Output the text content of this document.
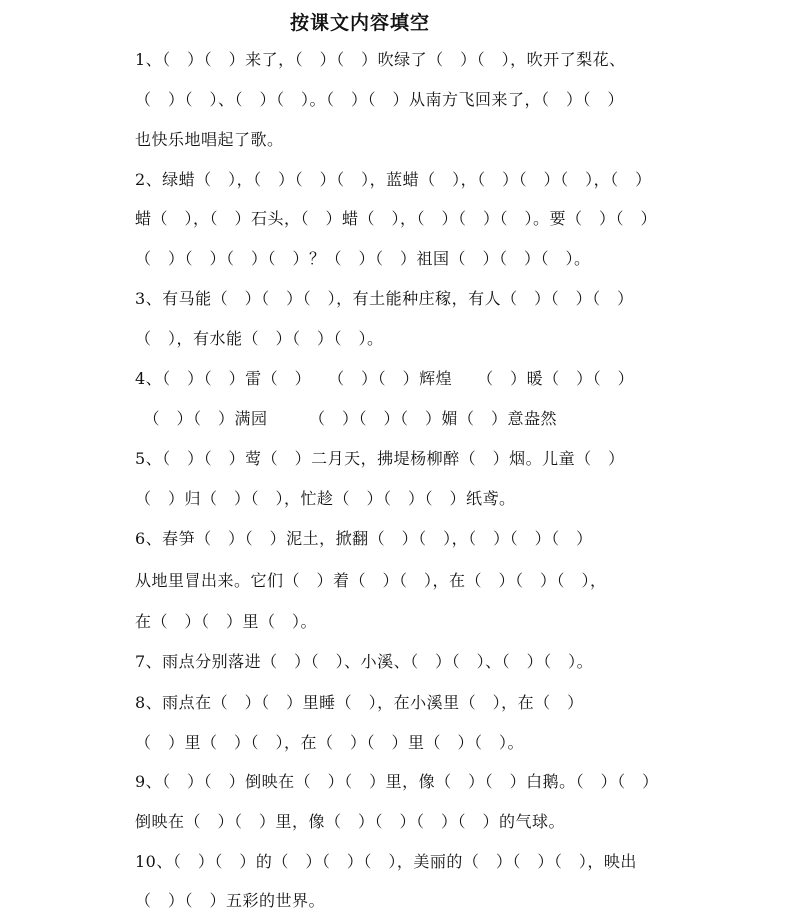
按课文内容填空
1、（　）（　）来了，（　）（　）吹绿了（　）（　），吹开了梨花、
（　）（　）、（　）（　）。（　）（　）从南方飞回来了，（　）（　）
也快乐地唱起了歌。
2、绿蜡（　），（　）（　）（　），蓝蜡（　），（　）（　）（　），（　）
蜡（　），（　）石头，（　）蜡（　），（　）（　）（　）。要（　）（　）
（　）（　）（　）（　）？（　）（　）祖国（　）（　）（　）。
3、有马能（　）（　）（　），有土能种庄稼，有人（　）（　）（　）
（　），有水能（　）（　）（　）。
4、（　）（　）雷（　）　　（　）（　）辉煌　　（　）暖（　）（　）
　（　）（　）满园　　　（　）（　）（　）媚（　）意盎然
5、（　）（　）莺（　）二月天，拂堤杨柳醉（　）烟。儿童（　）
（　）归（　）（　），忙趁（　）（　）（　）纸鸢。
6、春笋（　）（　）泥土，掀翻（　）（　），（　）（　）（　）
从地里冒出来。它们（　）着（　）（　），在（　）（　）（　），
在（　）（　）里（　）。
7、雨点分别落进（　）（　）、小溪、（　）（　）、（　）（　）。
8、雨点在（　）（　）里睡（　），在小溪里（　），在（　）
（　）里（　）（　），在（　）（　）里（　）（　）。
9、（　）（　）倒映在（　）（　）里，像（　）（　）白鹅。（　）（　）
倒映在（　）（　）里，像（　）（　）（　）（　）的气球。
10、（　）（　）的（　）（　）（　），美丽的（　）（　）（　），映出
（　）（　）五彩的世界。
